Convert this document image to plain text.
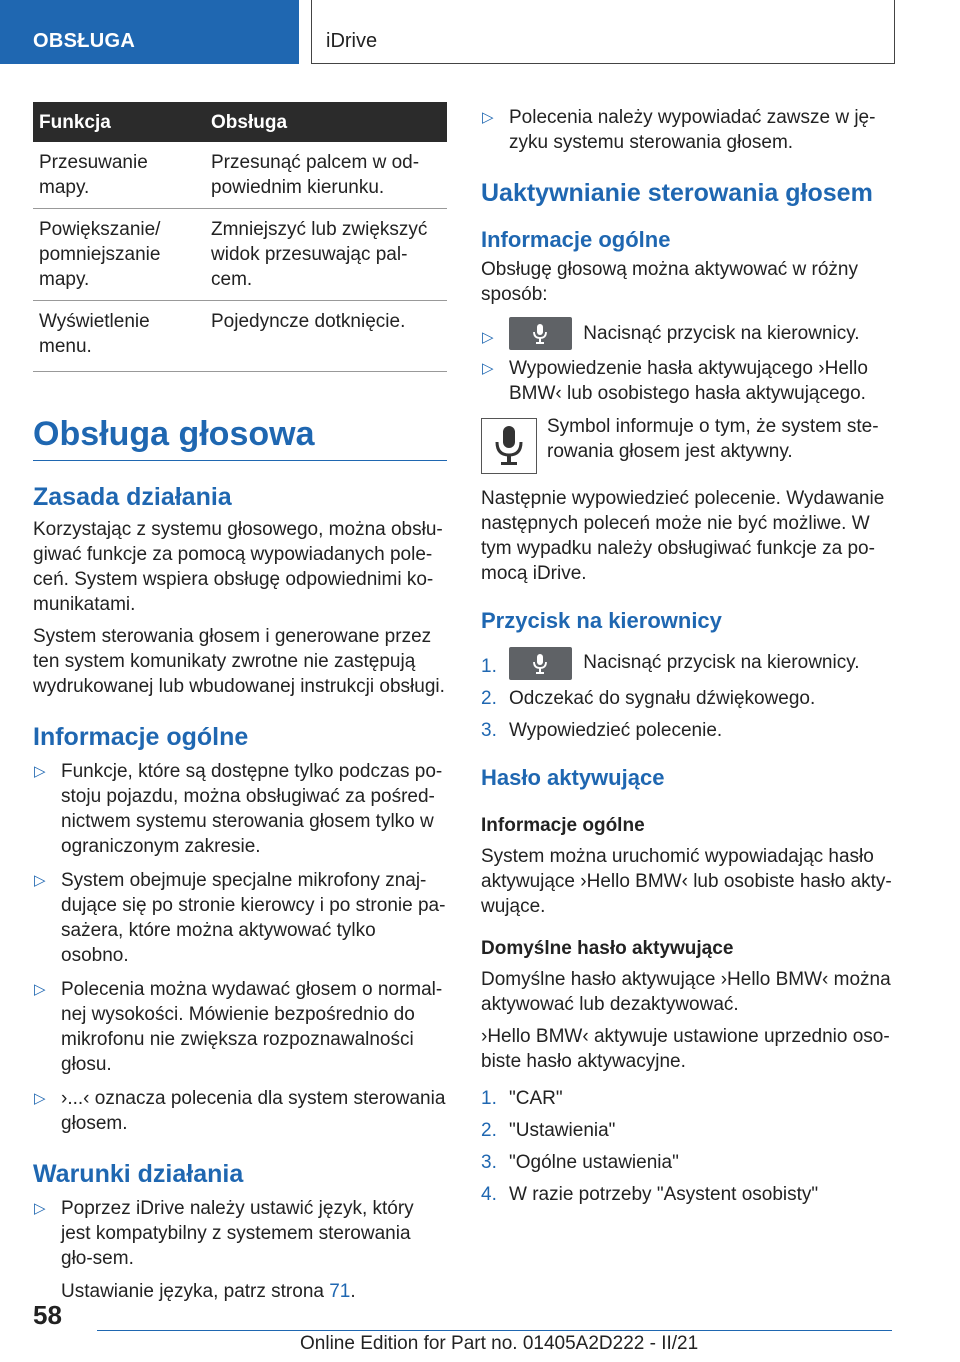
OBSŁUGA	iDrive
Funkcja	Obsługa
Przesuwanie mapy.	Przesunąć palcem w od-powiednim kierunku.
Powiększanie/ pomniejszanie mapy.	Zmniejszyć lub zwiększyć widok przesuwając pal-cem.
Wyświetlenie menu.	Pojedyncze dotknięcie.
Obsługa głosowa
Zasada działania

Korzystając z systemu głosowego, można obsłu-giwać funkcje za pomocą wypowiadanych pole-ceń. System wspiera obsługę odpowiednimi ko-munikatami.

System sterowania głosem i generowane przez ten system komunikaty zwrotne nie zastępują wydrukowanej lub wbudowanej instrukcji obsługi.

Informacje ogólne
▷ Funkcje, które są dostępne tylko podczas po-stoju pojazdu, można obsługiwać za pośred-nictwem systemu sterowania głosem tylko w ograniczonym zakresie.
▷ System obejmuje specjalne mikrofony znaj-dujące się po stronie kierowcy i po stronie pa-sażera, które można aktywować tylko osobno.
▷ Polecenia można wydawać głosem o normal-nej wysokości. Mówienie bezpośrednio do mikrofonu nie zwiększa rozpoznawalności głosu.
▷ ›...‹ oznacza polecenia dla system sterowania głosem.
Warunki działania
▷ Poprzez iDrive należy ustawić język, który jest kompatybilny z systemem sterowania gło-sem.

Ustawianie języka, patrz strona 71.

▷ Polecenia należy wypowiadać zawsze w ję-zyku systemu sterowania głosem.
Uaktywnianie sterowania głosem
Informacje ogólne

Obsługę głosową można aktywować w różny sposób:

▷	Nacisnąć przycisk na kierownicy.
▷ Wypowiedzenie hasła aktywującego ›Hello BMW‹ lub osobistego hasła aktywującego.

Symbol informuje o tym, że system ste-rowania głosem jest aktywny.

Następnie wypowiedzieć polecenie. Wydawanie następnych poleceń może nie być możliwe. W tym wypadku należy obsługiwać funkcje za po-mocą iDrive.

Przycisk na kierownicy
1.	Nacisnąć przycisk na kierownicy.
2. Odczekać do sygnału dźwiękowego.
3. Wypowiedzieć polecenie.
Hasło aktywujące
Informacje ogólne

System można uruchomić wypowiadając hasło aktywujące ›Hello BMW‹ lub osobiste hasło akty-wujące.

Domyślne hasło aktywujące

Domyślne hasło aktywujące ›Hello BMW‹ można aktywować lub dezaktywować.

›Hello BMW‹ aktywuje ustawione uprzednio oso-biste hasło aktywacyjne.

1. "CAR"
2. "Ustawienia"
3. "Ogólne ustawienia"
4. W razie potrzeby "Asystent osobisty"
58
Online Edition for Part no. 01405A2D222 - II/21
